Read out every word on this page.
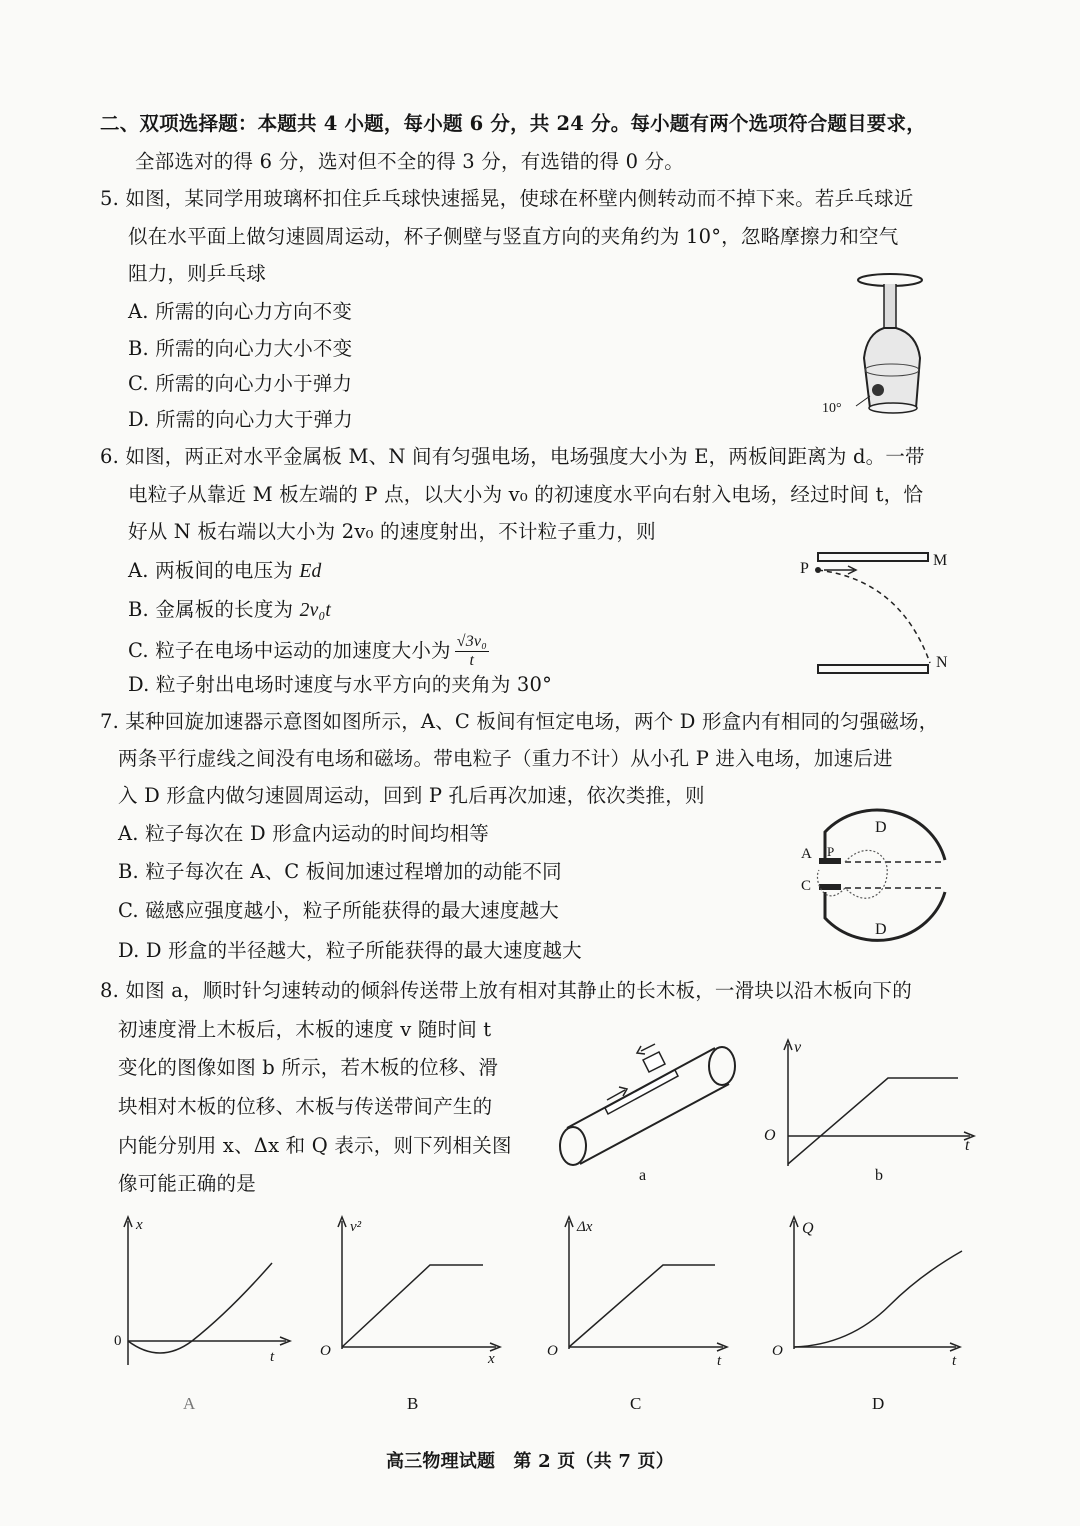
二、双项选择题：本题共 4 小题，每小题 6 分，共 24 分。每小题有两个选项符合题目要求，
全部选对的得 6 分，选对但不全的得 3 分，有选错的得 0 分。
5. 如图，某同学用玻璃杯扣住乒乓球快速摇晃，使球在杯壁内侧转动而不掉下来。若乒乓球近
似在水平面上做匀速圆周运动，杯子侧壁与竖直方向的夹角约为 10°，忽略摩擦力和空气
阻力，则乒乓球
A. 所需的向心力方向不变
B. 所需的向心力大小不变
C. 所需的向心力小于弹力
D. 所需的向心力大于弹力	10°
6. 如图，两正对水平金属板 M、N 间有匀强电场，电场强度大小为 E，两板间距离为 d。一带
电粒子从靠近 M 板左端的 P 点，以大小为 v₀ 的初速度水平向右射入电场，经过时间 t，恰
好从 N 板右端以大小为 2v₀ 的速度射出，不计粒子重力，则
A. 两板间的电压为 Ed
B. 金属板的长度为 2v₀t
C. 粒子在电场中运动的加速度大小为 $\frac{\text{√3v₀}}{t}$
D. 粒子射出电场时速度与水平方向的夹角为 30°
M
N
P
7. 某种回旋加速器示意图如图所示，A、C 板间有恒定电场，两个 D 形盒内有相同的匀强磁场，
两条平行虚线之间没有电场和磁场。带电粒子（重力不计）从小孔 P 进入电场，加速后进
入 D 形盒内做匀速圆周运动，回到 P 孔后再次加速，依次类推，则
A. 粒子每次在 D 形盒内运动的时间均相等
B. 粒子每次在 A、C 板间加速过程增加的动能不同
C. 磁感应强度越小，粒子所能获得的最大速度越大
D. D 形盒的半径越大，粒子所能获得的最大速度越大
D
D
A
C
P
8. 如图 a，顺时针匀速转动的倾斜传送带上放有相对其静止的长木板，一滑块以沿木板向下的
初速度滑上木板后，木板的速度 v 随时间 t
变化的图像如图 b 所示，若木板的位移、滑
块相对木板的位移、木板与传送带间产生的
内能分别用 x、Δx 和 Q 表示，则下列相关图
像可能正确的是	a
v
O
t
b
x
0
t
A
v²
O	x
B
Δx
O
t
C
Q
O
t
D
高三物理试题　第 2 页（共 7 页）
